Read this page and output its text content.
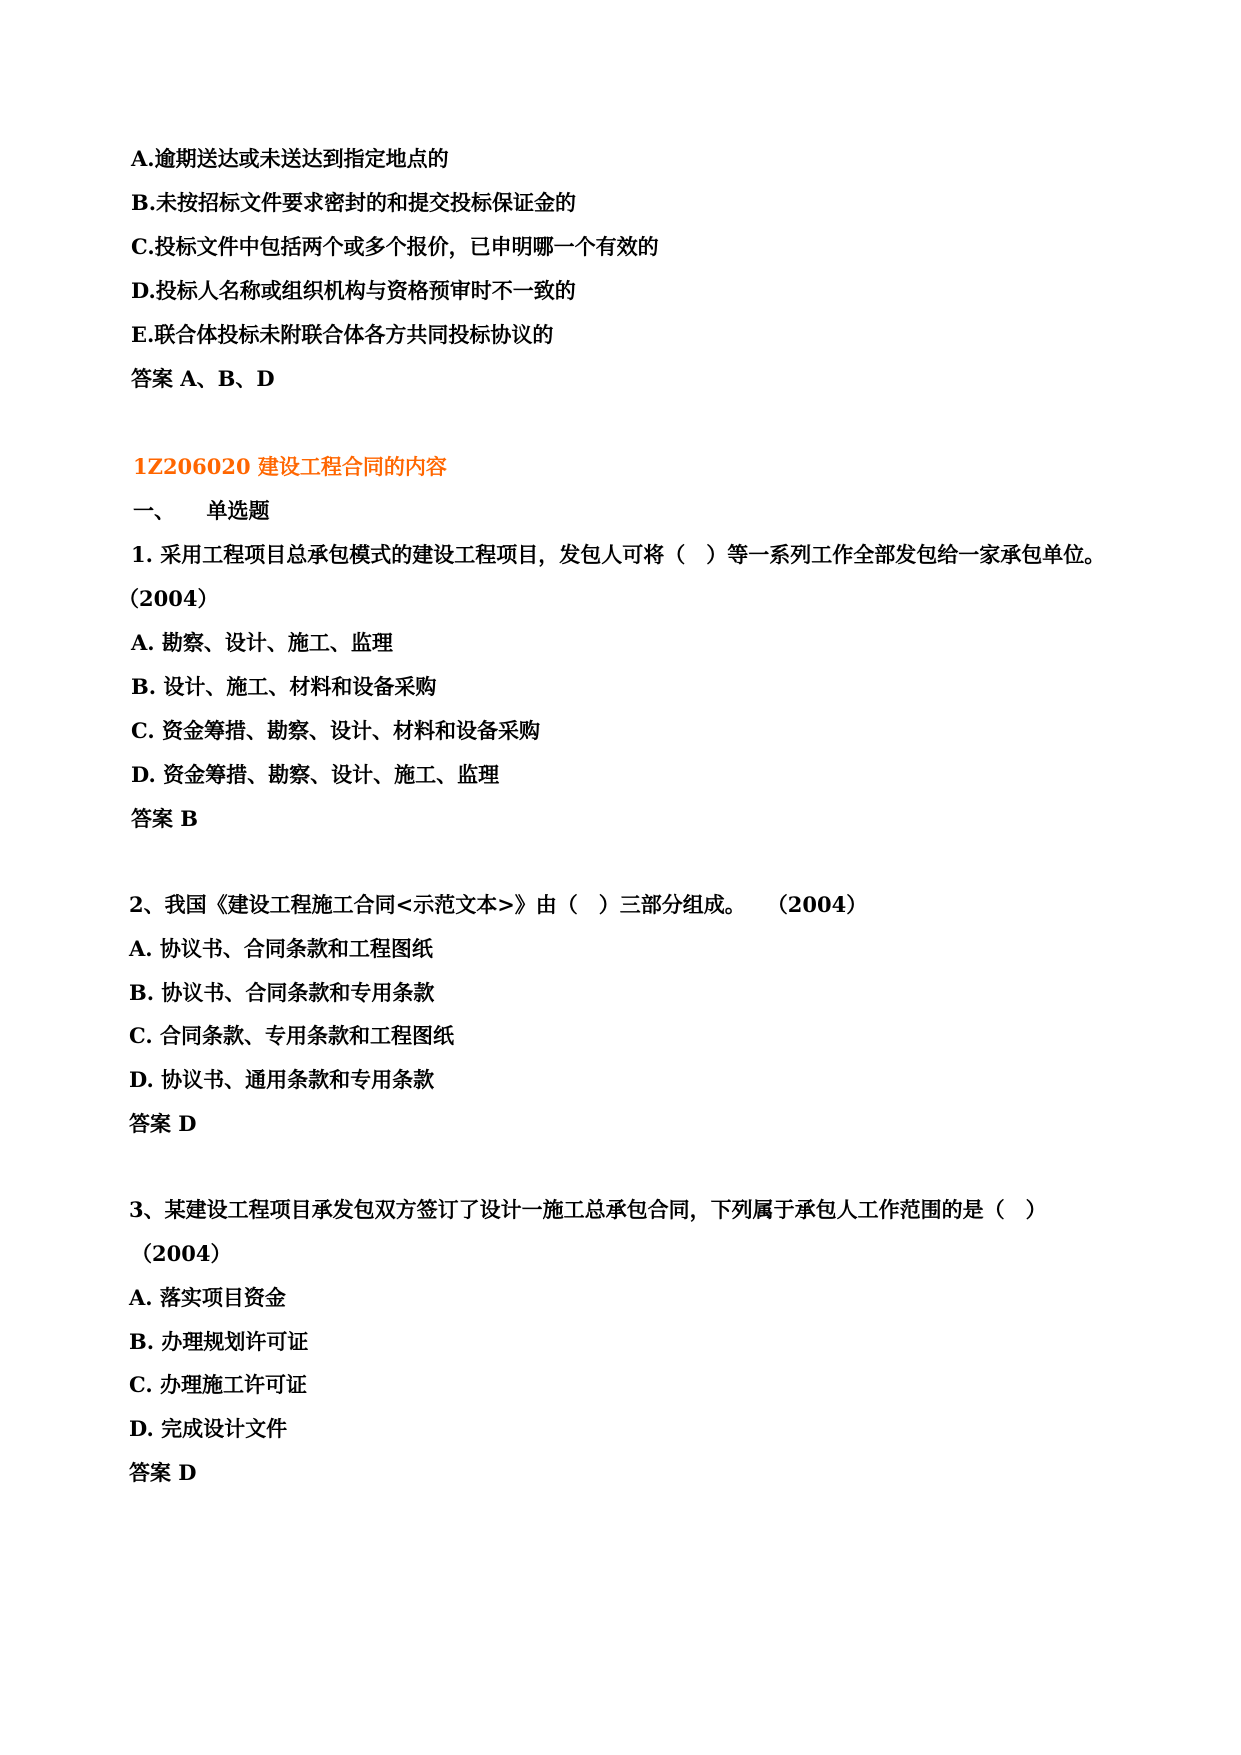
A.逾期送达或未送达到指定地点的
B.未按招标文件要求密封的和提交投标保证金的
C.投标文件中包括两个或多个报价，已申明哪一个有效的
D.投标人名称或组织机构与资格预审时不一致的
E.联合体投标未附联合体各方共同投标协议的
答案 A、B、D
1Z206020 建设工程合同的内容
一、　　单选题
1. 采用工程项目总承包模式的建设工程项目，发包人可将（　）等一系列工作全部发包给一家承包单位。
（2004）
A. 勘察、设计、施工、监理
B. 设计、施工、材料和设备采购
C. 资金筹措、勘察、设计、材料和设备采购
D. 资金筹措、勘察、设计、施工、监理
答案 B
2、我国《建设工程施工合同<示范文本>》由（　）三部分组成。　　（2004）
A. 协议书、合同条款和工程图纸
B. 协议书、合同条款和专用条款
C. 合同条款、专用条款和工程图纸
D. 协议书、通用条款和专用条款
答案 D
3、某建设工程项目承发包双方签订了设计一施工总承包合同，下列属于承包人工作范围的是（　）
（2004）
A. 落实项目资金
B. 办理规划许可证
C. 办理施工许可证
D. 完成设计文件
答案 D
